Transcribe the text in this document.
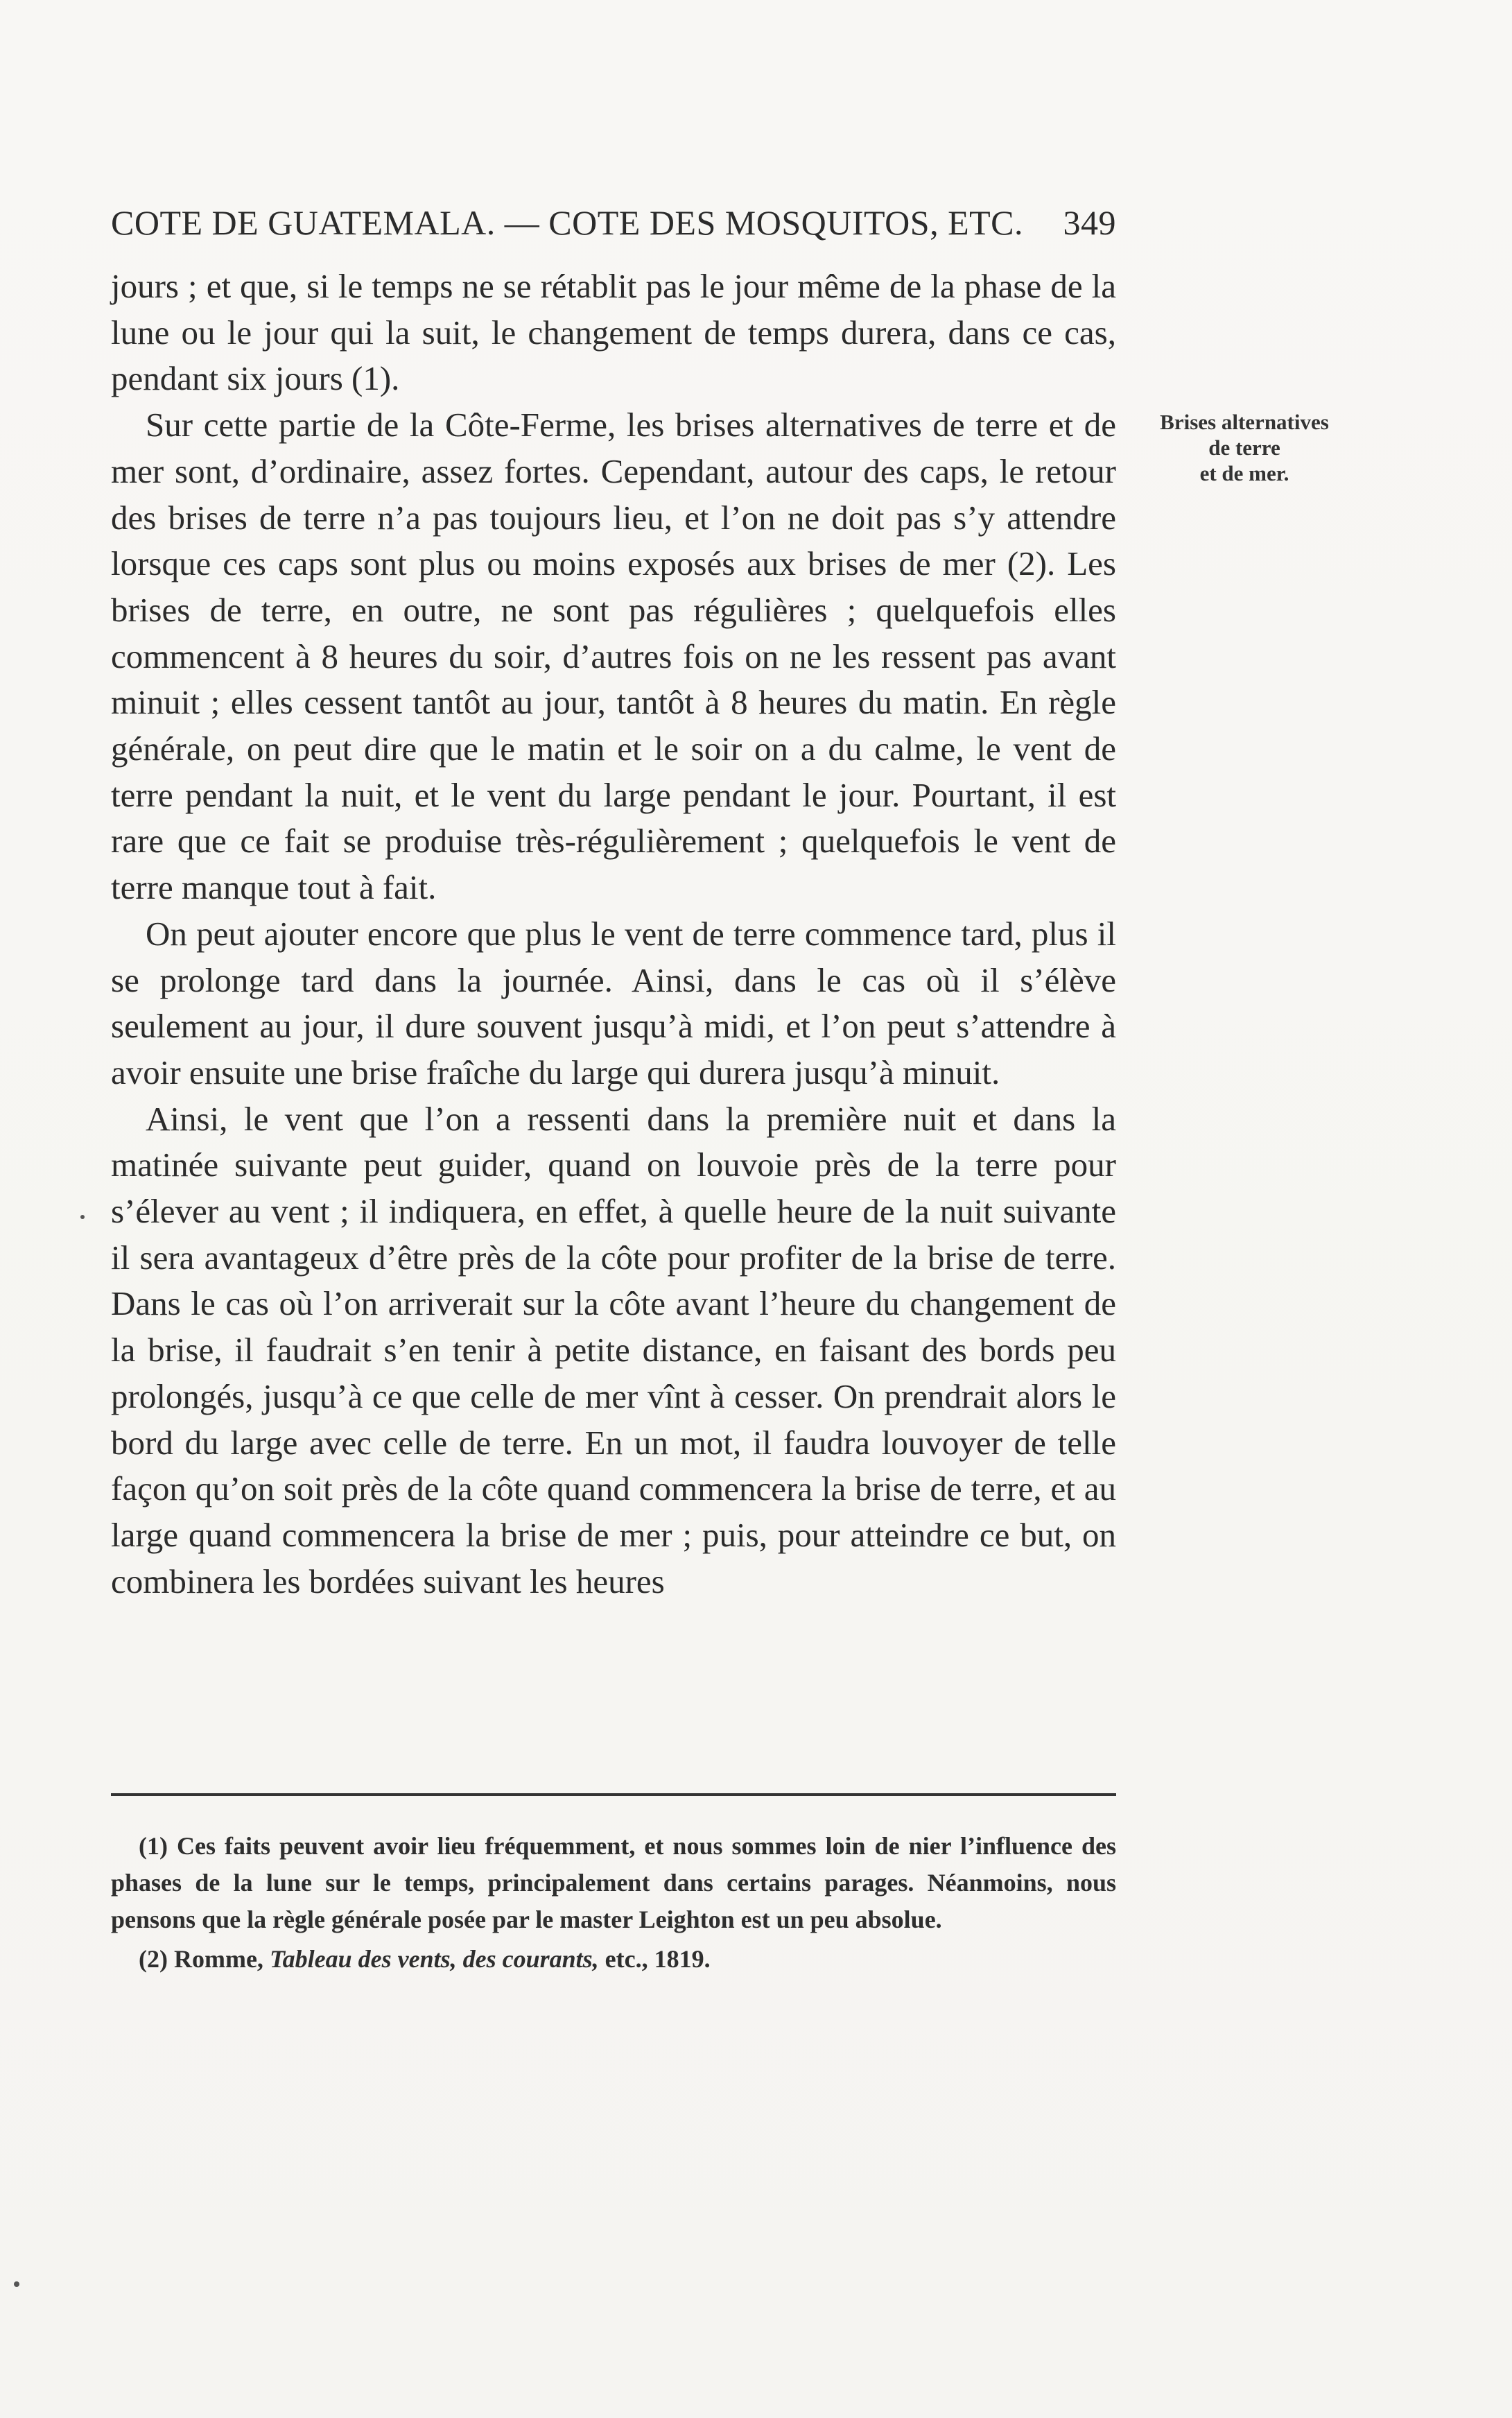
COTE DE GUATEMALA. — COTE DES MOSQUITOS, ETC. 349

jours ; et que, si le temps ne se rétablit pas le jour même de la phase de la lune ou le jour qui la suit, le changement de temps durera, dans ce cas, pendant six jours (1).

Sur cette partie de la Côte-Ferme, les brises alternatives de terre et de mer sont, d’ordinaire, assez fortes. Cependant, autour des caps, le retour des brises de terre n’a pas toujours lieu, et l’on ne doit pas s’y attendre lorsque ces caps sont plus ou moins exposés aux brises de mer (2). Les brises de terre, en outre, ne sont pas régulières ; quelquefois elles commencent à 8 heures du soir, d’autres fois on ne les ressent pas avant minuit ; elles cessent tantôt au jour, tantôt à 8 heures du matin. En règle générale, on peut dire que le matin et le soir on a du calme, le vent de terre pendant la nuit, et le vent du large pendant le jour. Pourtant, il est rare que ce fait se produise très-régulièrement ; quelquefois le vent de terre manque tout à fait.

On peut ajouter encore que plus le vent de terre commence tard, plus il se prolonge tard dans la journée. Ainsi, dans le cas où il s’élève seulement au jour, il dure souvent jusqu’à midi, et l’on peut s’attendre à avoir ensuite une brise fraîche du large qui durera jusqu’à minuit.

Ainsi, le vent que l’on a ressenti dans la première nuit et dans la matinée suivante peut guider, quand on louvoie près de la terre pour s’élever au vent ; il indiquera, en effet, à quelle heure de la nuit suivante il sera avantageux d’être près de la côte pour profiter de la brise de terre. Dans le cas où l’on arriverait sur la côte avant l’heure du changement de la brise, il faudrait s’en tenir à petite distance, en faisant des bords peu prolongés, jusqu’à ce que celle de mer vînt à cesser. On prendrait alors le bord du large avec celle de terre. En un mot, il faudra louvoyer de telle façon qu’on soit près de la côte quand commencera la brise de terre, et au large quand commencera la brise de mer ; puis, pour atteindre ce but, on combinera les bordées suivant les heures

Brises alternatives
de terre
et de mer.

(1) Ces faits peuvent avoir lieu fréquemment, et nous sommes loin de nier l’influence des phases de la lune sur le temps, principalement dans certains parages. Néanmoins, nous pensons que la règle générale posée par le master Leighton est un peu absolue.

(2) Romme, Tableau des vents, des courants, etc., 1819.
